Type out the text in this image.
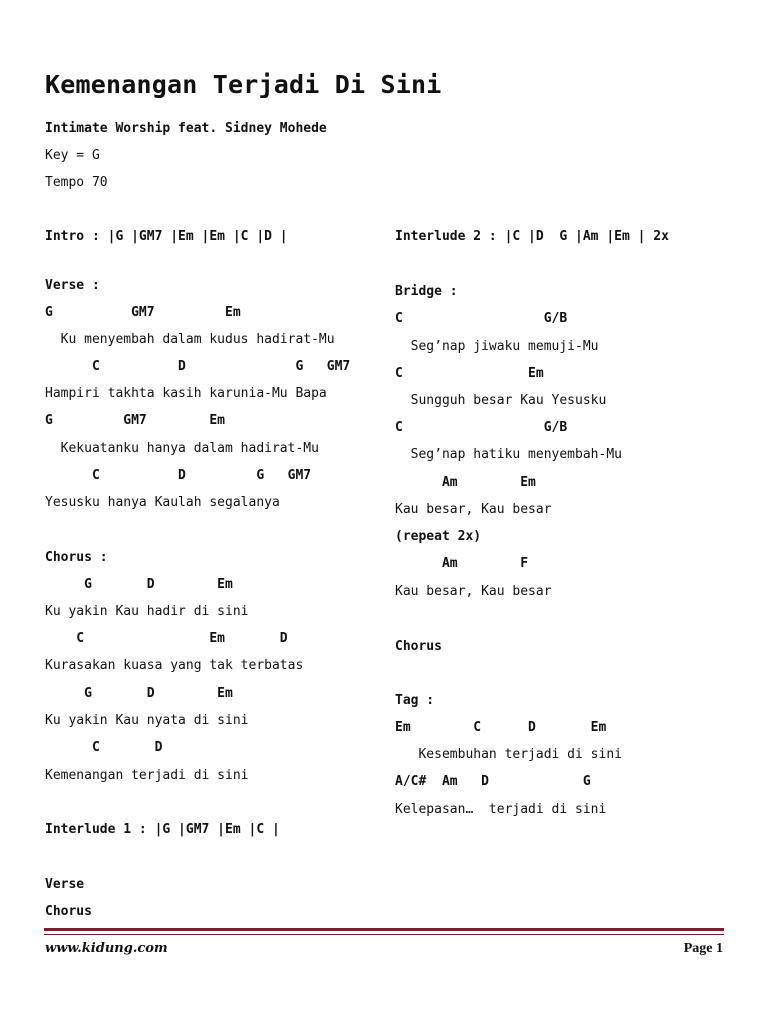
Kemenangan Terjadi Di Sini
Intimate Worship feat. Sidney Mohede
Key = G
Tempo 70
Intro : |G |GM7 |Em |Em |C |D |
Verse :
G          GM7         Em
Ku menyembah dalam kudus hadirat-Mu
C          D              G   GM7
Hampiri takhta kasih karunia-Mu Bapa
G         GM7        Em
Kekuatanku hanya dalam hadirat-Mu
C          D         G   GM7
Yesusku hanya Kaulah segalanya
Chorus :
G       D        Em
Ku yakin Kau hadir di sini
C                Em       D
Kurasakan kuasa yang tak terbatas
G       D        Em
Ku yakin Kau nyata di sini
C       D
Kemenangan terjadi di sini
Interlude 1 : |G |GM7 |Em |C |
Verse
Chorus
Interlude 2 : |C |D  G |Am |Em | 2x
Bridge :
C                  G/B
Seg’nap jiwaku memuji-Mu
C                Em
Sungguh besar Kau Yesusku
C                  G/B
Seg’nap hatiku menyembah-Mu
Am        Em
Kau besar, Kau besar
(repeat 2x)
Am        F
Kau besar, Kau besar
Chorus
Tag :
Em        C      D       Em
Kesembuhan terjadi di sini
A/C#  Am   D            G
Kelepasan…  terjadi di sini
www.kidung.com	Page 1
